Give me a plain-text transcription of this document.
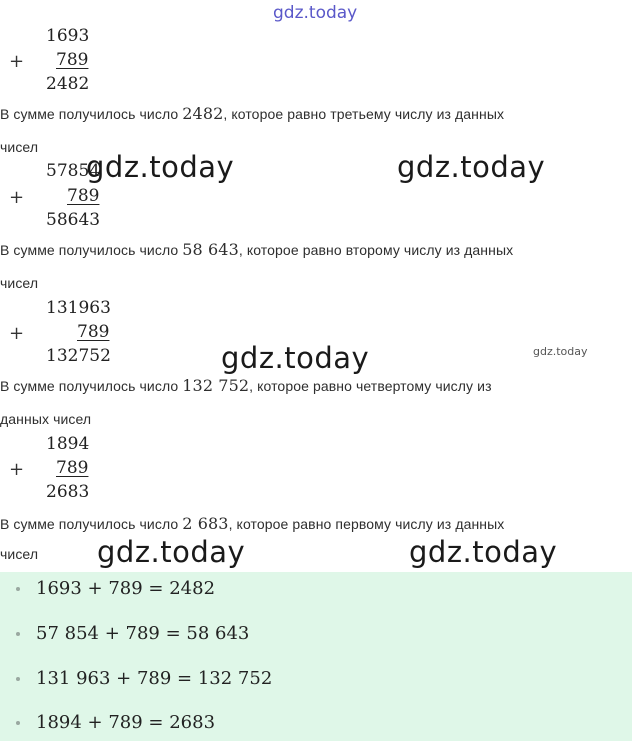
gdz.today
1693
+ 789
2482
В сумме получилось число 2482, которое равно третьему числу из данных
чисел
57854
+	789
58643
В сумме получилось число 58 643, которое равно второму числу из данных
чисел
gdz.today	gdz.today
131963
+	789
132752
В сумме получилось число 132 752, которое равно четвертому числу из
данных чисел
gdz.today	gdz.today
1894
+ 789
2683
В сумме получилось число 2 683, которое равно первому числу из данных
чисел gdz.today	gdz.today
1693 + 789 = 2482
57 854 + 789 = 58 643
131 963 + 789 = 132 752
1894 + 789 = 2683
